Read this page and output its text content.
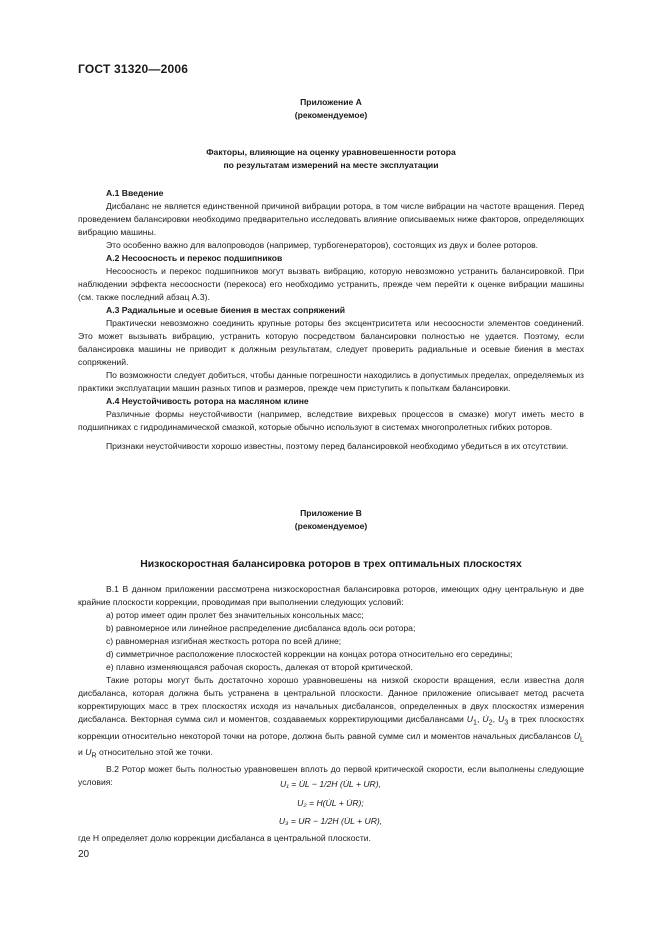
ГОСТ 31320—2006
Приложение А
(рекомендуемое)
Факторы, влияющие на оценку уравновешенности ротора
по результатам измерений на месте эксплуатации

А.1 Введение

Дисбаланс не является единственной причиной вибрации ротора, в том числе вибрации на частоте вращения. Перед проведением балансировки необходимо предварительно исследовать влияние описываемых ниже факторов, определяющих вибрацию машины.

Это особенно важно для валопроводов (например, турбогенераторов), состоящих из двух и более роторов.

А.2 Несоосность и перекос подшипников

Несоосность и перекос подшипников могут вызвать вибрацию, которую невозможно устранить балансировкой. При наблюдении эффекта несоосности (перекоса) его необходимо устранить, прежде чем перейти к оценке вибрации машины (см. также последний абзац А.3).

А.3 Радиальные и осевые биения в местах сопряжений

Практически невозможно соединить крупные роторы без эксцентриситета или несоосности элементов соединений. Это может вызывать вибрацию, устранить которую посредством балансировки полностью не удается. Поэтому, если балансировка машины не приводит к должным результатам, следует проверить радиальные и осевые биения в местах сопряжений.

По возможности следует добиться, чтобы данные погрешности находились в допустимых пределах, определяемых из практики эксплуатации машин разных типов и размеров, прежде чем приступить к попыткам балансировки.

А.4 Неустойчивость ротора на масляном клине

Различные формы неустойчивости (например, вследствие вихревых процессов в смазке) могут иметь место в подшипниках с гидродинамической смазкой, которые обычно используют в системах многопролетных гибких роторов.

Признаки неустойчивости хорошо известны, поэтому перед балансировкой необходимо убедиться в их отсутствии.

Приложение В
(рекомендуемое)
Низкоскоростная балансировка роторов в трех оптимальных плоскостях

В.1 В данном приложении рассмотрена низкоскоростная балансировка роторов, имеющих одну центральную и две крайние плоскости коррекции, проводимая при выполнении следующих условий:

а) ротор имеет один пролет без значительных консольных масс;
b) равномерное или линейное распределение дисбаланса вдоль оси ротора;
c) равномерная изгибная жесткость ротора по всей длине;
d) симметричное расположение плоскостей коррекции на концах ротора относительно его середины;
e) плавно изменяющаяся рабочая скорость, далекая от второй критической.

Такие роторы могут быть достаточно хорошо уравновешены на низкой скорости вращения, если известна доля дисбаланса, которая должна быть устранена в центральной плоскости. Данное приложение описывает метод расчета корректирующих масс в трех плоскостях исходя из начальных дисбалансов, определенных в двух плоскостях измерения дисбаланса. Векторная сумма сил и моментов, создаваемых корректирующими дисбалансами $U_1$, $U̇_2$, $U_3$ в трех плоскостях коррекции относительно некоторой точки на роторе, должна быть равной сумме сил и моментов начальных дисбалансов $U̇_L$ и $U_R$ относительно этой же точки.

В.2 Ротор может быть полностью уравновешен вплоть до первой критической скорости, если выполнены следующие условия:	U₁ = U̇L − 1/2H (U̇L + UR),
U₂ = H(U̇L + U̇R);
U₃ = UR − 1/2H (U̇L + UR),

где H определяет долю коррекции дисбаланса в центральной плоскости.

20
